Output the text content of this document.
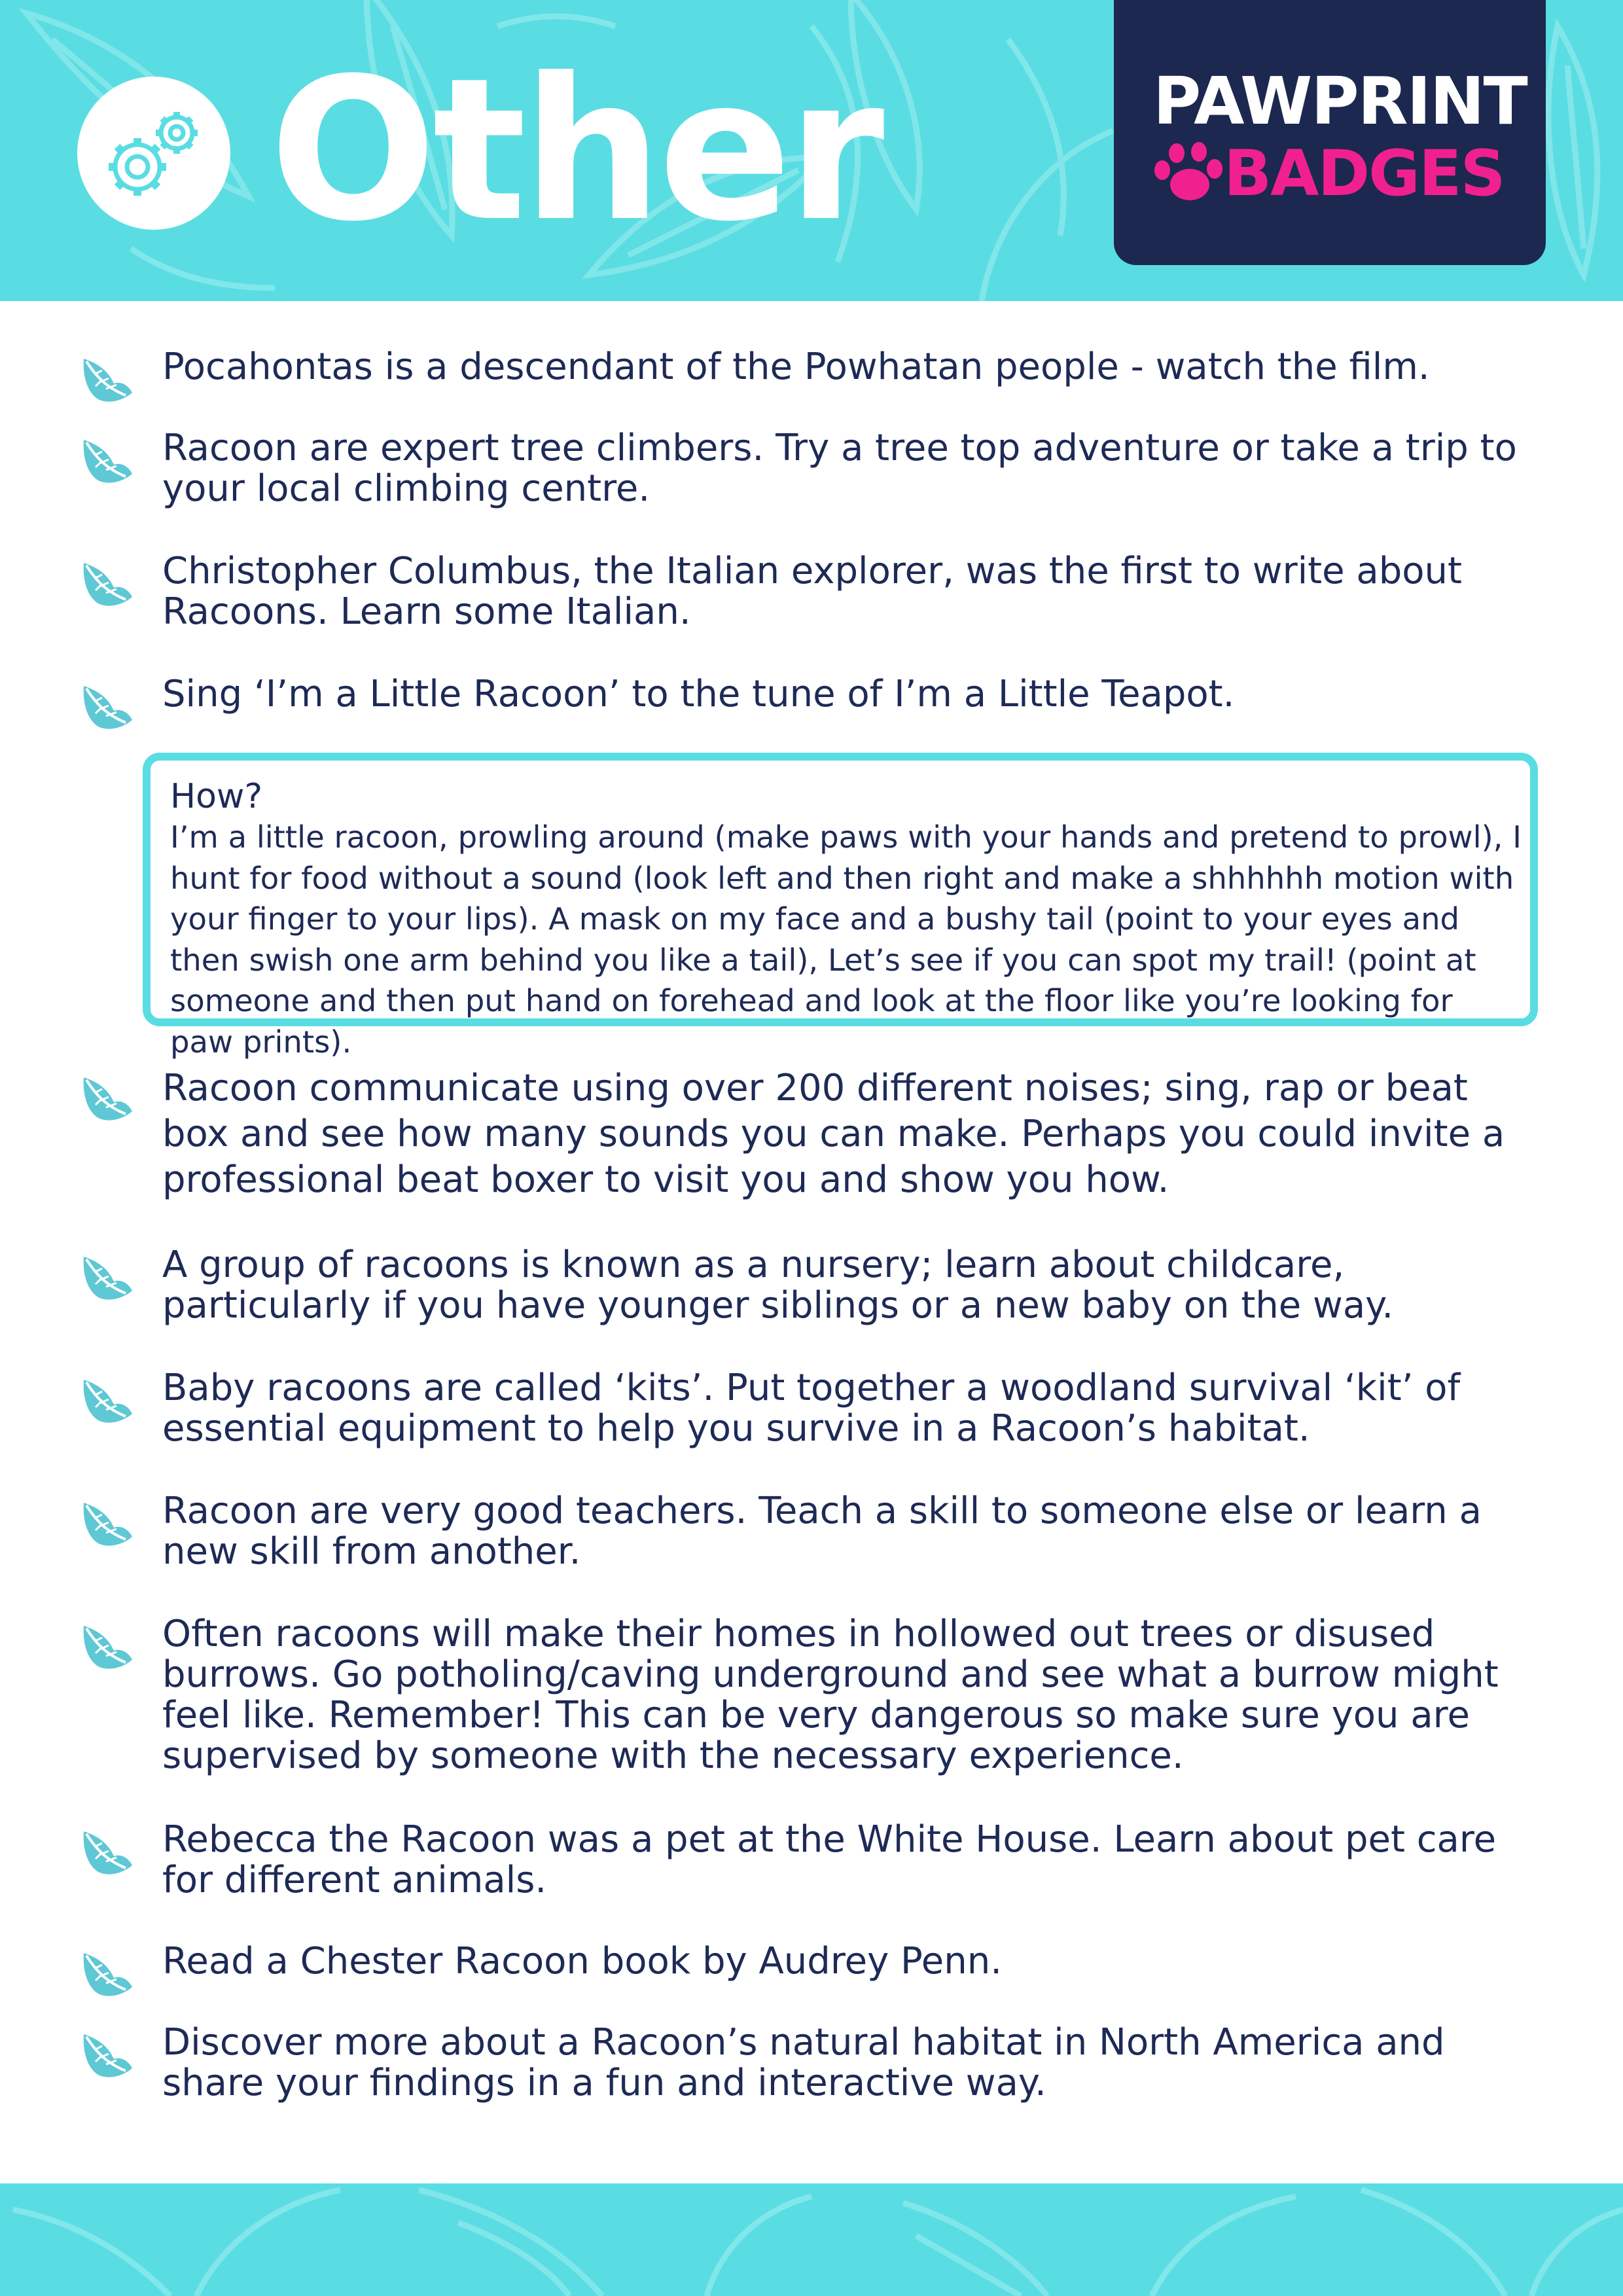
Other	PAWPRINT
BADGES
Pocahontas is a descendant of the Powhatan people - watch the film.
Racoon are expert tree climbers. Try a tree top adventure or take a trip to your local climbing centre.
Christopher Columbus, the Italian explorer, was the first to write about Racoons. Learn some Italian.
Sing ‘I’m a Little Racoon’ to the tune of I’m a Little Teapot.
How?
I’m a little racoon, prowling around (make paws with your hands and pretend to prowl), I hunt for food without a sound (look left and then right and make a shhhhhh motion with your finger to your lips). A mask on my face and a bushy tail (point to your eyes and then swish one arm behind you like a tail), Let’s see if you can spot my trail! (point at someone and then put hand on forehead and look at the floor like you’re looking for paw prints).
Racoon communicate using over 200 different noises; sing, rap or beat box and see how many sounds you can make. Perhaps you could invite a professional beat boxer to visit you and show you how.
A group of racoons is known as a nursery; learn about childcare, particularly if you have younger siblings or a new baby on the way.
Baby racoons are called ‘kits’. Put together a woodland survival ‘kit’ of essential equipment to help you survive in a Racoon’s habitat.
Racoon are very good teachers. Teach a skill to someone else or learn a new skill from another.
Often racoons will make their homes in hollowed out trees or disused burrows. Go potholing/caving underground and see what a burrow might feel like. Remember! This can be very dangerous so make sure you are supervised by someone with the necessary experience.
Rebecca the Racoon was a pet at the White House. Learn about pet care for different animals.
Read a Chester Racoon book by Audrey Penn.
Discover more about a Racoon’s natural habitat in North America and share your findings in a fun and interactive way.
